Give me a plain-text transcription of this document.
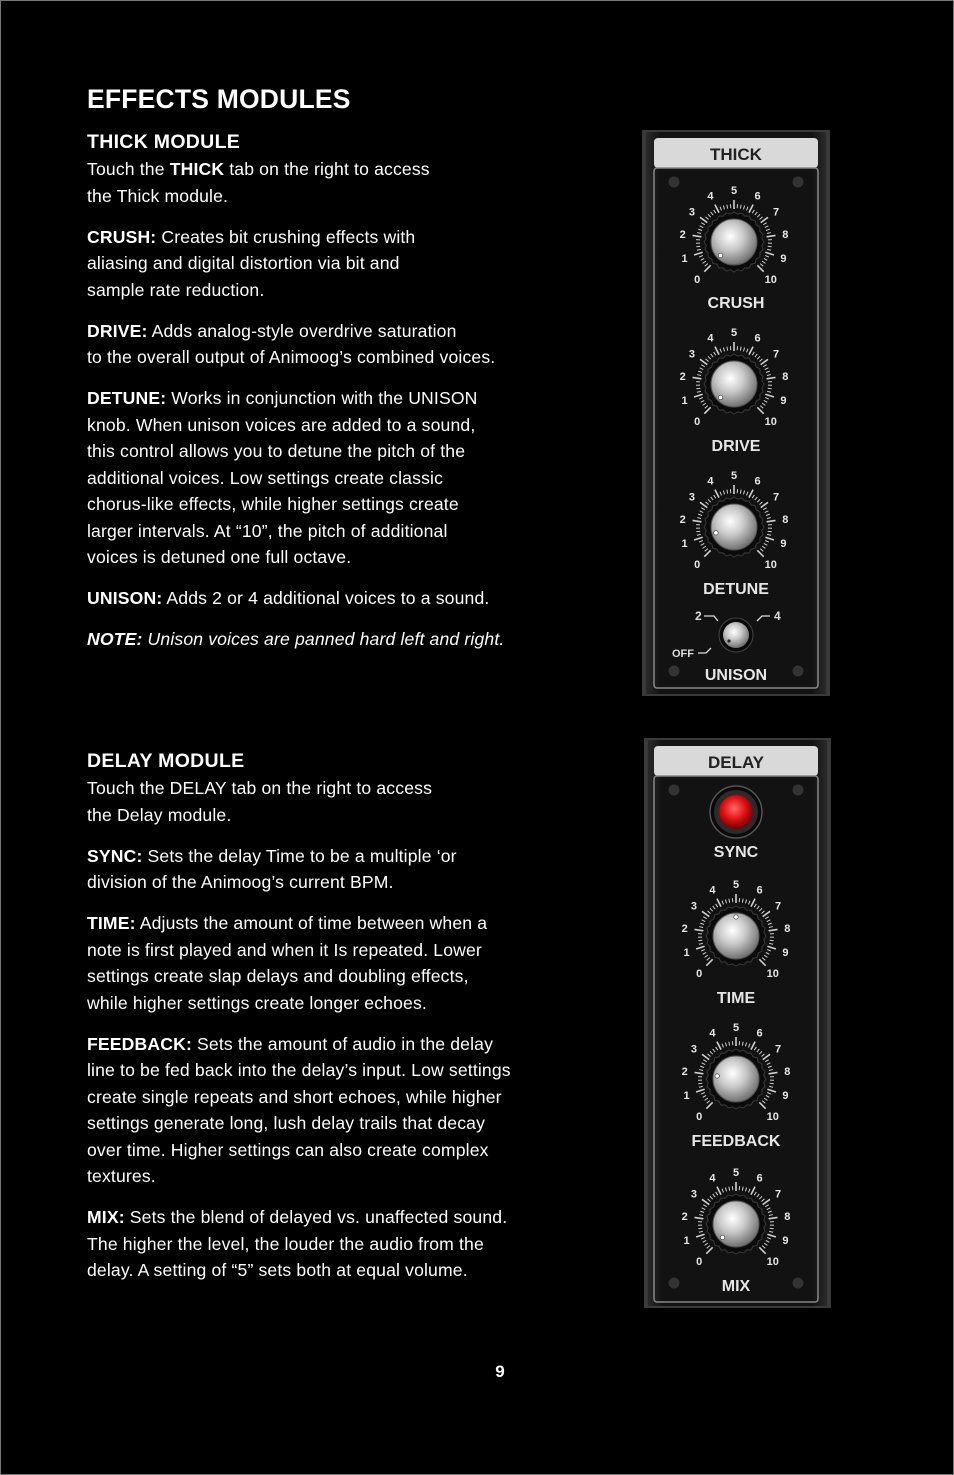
EFFECTS MODULES
THICK MODULE

Touch the THICK tab on the right to access
the Thick module.

CRUSH: Creates bit crushing effects with
aliasing and digital distortion via bit and
sample rate reduction.

DRIVE: Adds analog-style overdrive saturation
to the overall output of Animoog’s combined voices.

DETUNE: Works in conjunction with the UNISON
knob. When unison voices are added to a sound,
this control allows you to detune the pitch of the
additional voices. Low settings create classic
chorus-like effects, while higher settings create
larger intervals. At “10”, the pitch of additional
voices is detuned one full octave.

UNISON: Adds 2 or 4 additional voices to a sound.

NOTE: Unison voices are panned hard left and right.

DELAY MODULE

Touch the DELAY tab on the right to access
the Delay module.

SYNC: Sets the delay Time to be a multiple ‘or
division of the Animoog’s current BPM.

TIME: Adjusts the amount of time between when a
note is first played and when it Is repeated. Lower
settings create slap delays and doubling effects,
while higher settings create longer echoes.

FEEDBACK: Sets the amount of audio in the delay
line to be fed back into the delay’s input. Low settings
create single repeats and short echoes, while higher
settings generate long, lush delay trails that decay
over time. Higher settings can also create complex
textures.

MIX: Sets the blend of delayed vs. unaffected sound.
The higher the level, the louder the audio from the
delay. A setting of “5” sets both at equal volume.

THICK
0
1
2
3
4 5 6
7
8
9
10
CRUSH
0
1
2
3
4 5 6
7
8
9
10
DRIVE
0
1
2
3
4 5 6
7
8
9
10
DETUNE
2	4
OFF
UNISON
DELAY
SYNC
0
1
2
3
4 5 6
7
8
9
10
TIME
0
1
2
3
4 5 6
7
8
9
10
FEEDBACK
0
1
2
3
4 5 6
7
8
9
10
MIX
9
